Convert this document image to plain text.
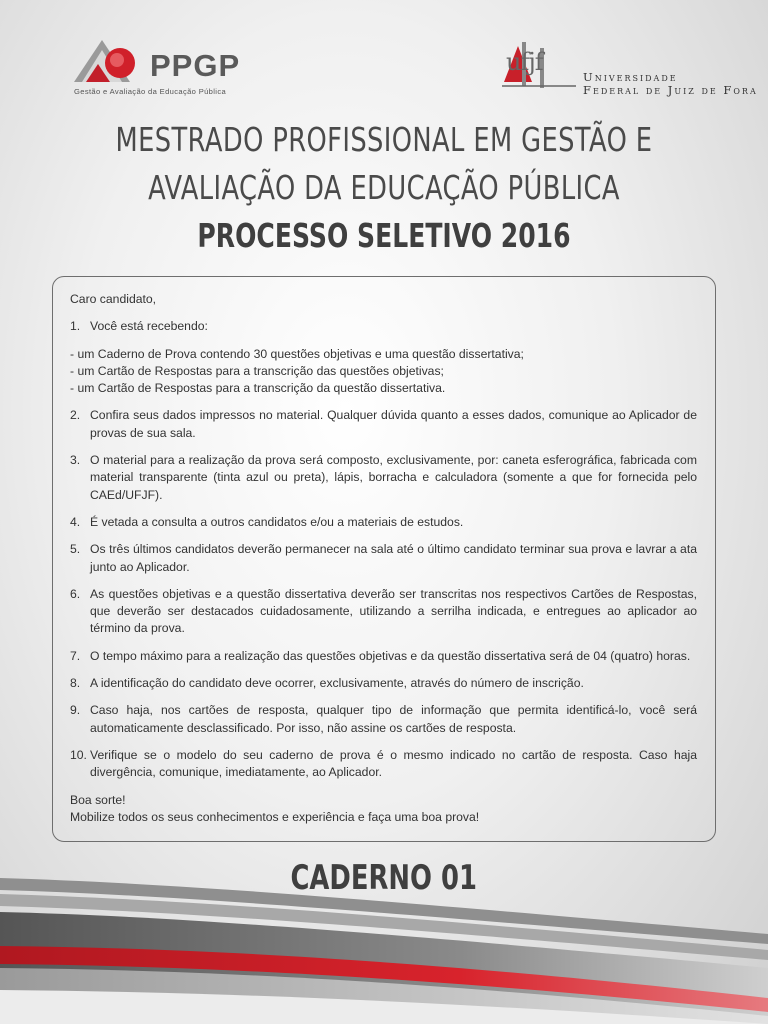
PPGP
Gestão e Avaliação da Educação Pública
ufjf
Universidade
Federal de Juiz de Fora
MESTRADO PROFISSIONAL EM GESTÃO E
AVALIAÇÃO DA EDUCAÇÃO PÚBLICA
PROCESSO SELETIVO 2016

Caro candidato,

1. Você está recebendo:

- um Caderno de Prova contendo 30 questões objetivas e uma questão dissertativa;

- um Cartão de Respostas para a transcrição das questões objetivas;

- um Cartão de Respostas para a transcrição da questão dissertativa.

2. Confira seus dados impressos no material. Qualquer dúvida quanto a esses dados, comunique ao Aplicador de provas de sua sala.
3. O material para a realização da prova será composto, exclusivamente, por: caneta esferográfica, fabricada com material transparente (tinta azul ou preta), lápis, borracha e calculadora (somente a que for fornecida pelo CAEd/UFJF).
4. É vetada a consulta a outros candidatos e/ou a materiais de estudos.
5. Os três últimos candidatos deverão permanecer na sala até o último candidato terminar sua prova e lavrar a ata junto ao Aplicador.
6. As questões objetivas e a questão dissertativa deverão ser transcritas nos respectivos Cartões de Respostas, que deverão ser destacados cuidadosamente, utilizando a serrilha indicada, e entregues ao aplicador ao término da prova.
7. O tempo máximo para a realização das questões objetivas e da questão dissertativa será de 04 (quatro) horas.
8. A identificação do candidato deve ocorrer, exclusivamente, através do número de inscrição.
9. Caso haja, nos cartões de resposta, qualquer tipo de informação que permita identificá-lo, você será automaticamente desclassificado. Por isso, não assine os cartões de resposta.
10. Verifique se o modelo do seu caderno de prova é o mesmo indicado no cartão de resposta. Caso haja divergência, comunique, imediatamente, ao Aplicador.

Boa sorte!

Mobilize todos os seus conhecimentos e experiência e faça uma boa prova!

CADERNO 01
